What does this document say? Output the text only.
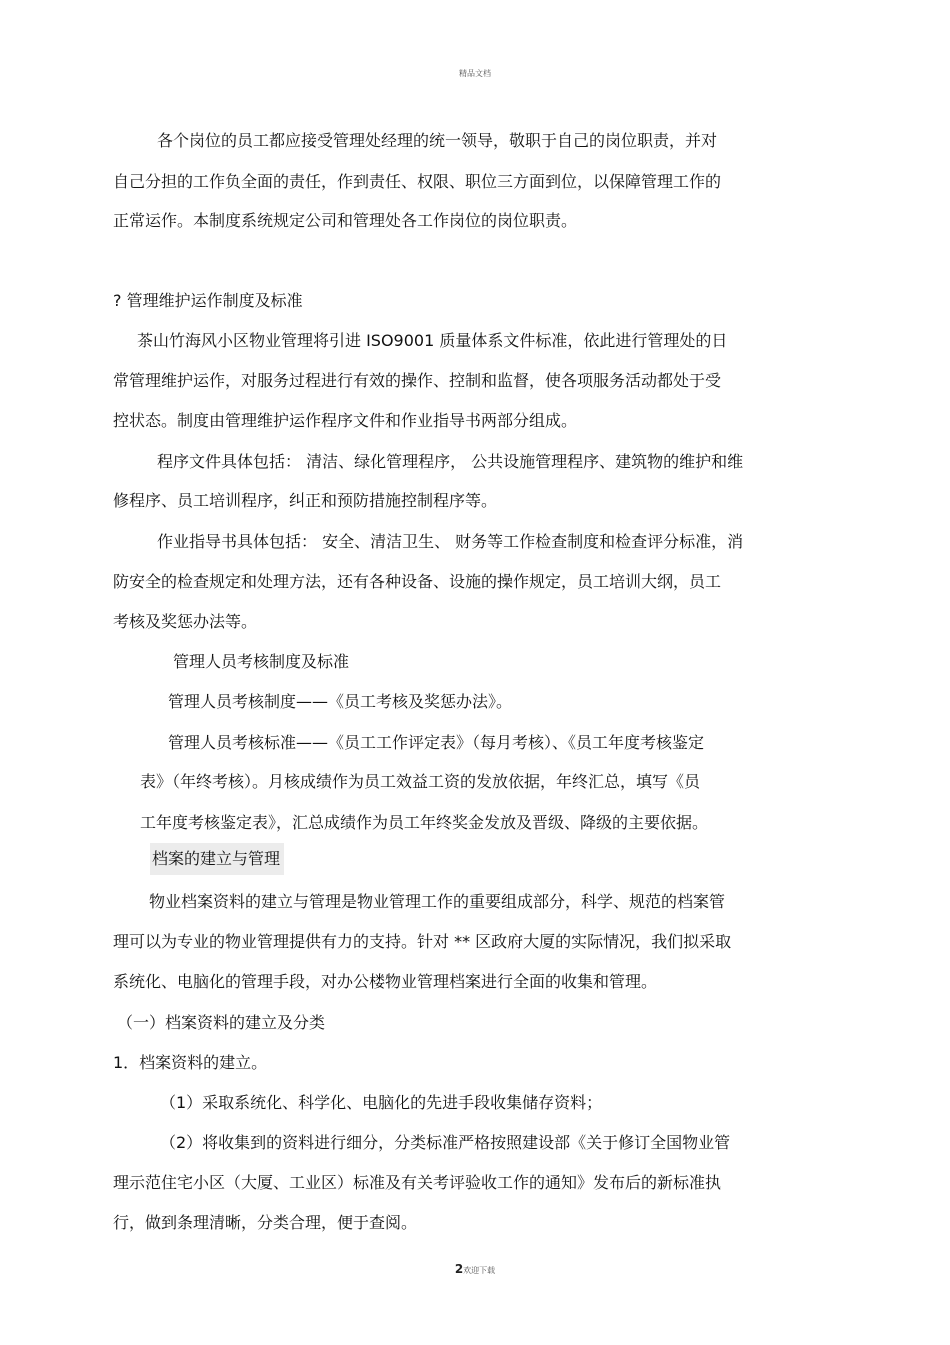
精品文档
各个岗位的员工都应接受管理处经理的统一领导，敬职于自己的岗位职责，并对
自己分担的工作负全面的责任，作到责任、权限、职位三方面到位，以保障管理工作的
正常运作。本制度系统规定公司和管理处各工作岗位的岗位职责。
? 管理维护运作制度及标准
茶山竹海风小区物业管理将引进 ISO9001 质量体系文件标准，依此进行管理处的日
常管理维护运作，对服务过程进行有效的操作、控制和监督，使各项服务活动都处于受
控状态。制度由管理维护运作程序文件和作业指导书两部分组成。
程序文件具体包括： 清洁、绿化管理程序， 公共设施管理程序、建筑物的维护和维
修程序、员工培训程序，纠正和预防措施控制程序等。
作业指导书具体包括： 安全、清洁卫生、 财务等工作检查制度和检查评分标准，消
防安全的检查规定和处理方法，还有各种设备、设施的操作规定，员工培训大纲，员工
考核及奖惩办法等。
管理人员考核制度及标准
管理人员考核制度——《员工考核及奖惩办法》。
管理人员考核标准——《员工工作评定表》（每月考核）、《员工年度考核鉴定
表》（年终考核）。月核成绩作为员工效益工资的发放依据，年终汇总，填写《员
工年度考核鉴定表》，汇总成绩作为员工年终奖金发放及晋级、降级的主要依据。
档案的建立与管理
物业档案资料的建立与管理是物业管理工作的重要组成部分，科学、规范的档案管
理可以为专业的物业管理提供有力的支持。针对 ** 区政府大厦的实际情况，我们拟采取
系统化、电脑化的管理手段，对办公楼物业管理档案进行全面的收集和管理。
（一）档案资料的建立及分类
1．档案资料的建立。
（1）采取系统化、科学化、电脑化的先进手段收集储存资料；
（2）将收集到的资料进行细分，分类标准严格按照建设部《关于修订全国物业管
理示范住宅小区（大厦、工业区）标准及有关考评验收工作的通知》发布后的新标准执
行，做到条理清晰，分类合理，便于查阅。
2欢迎下载
